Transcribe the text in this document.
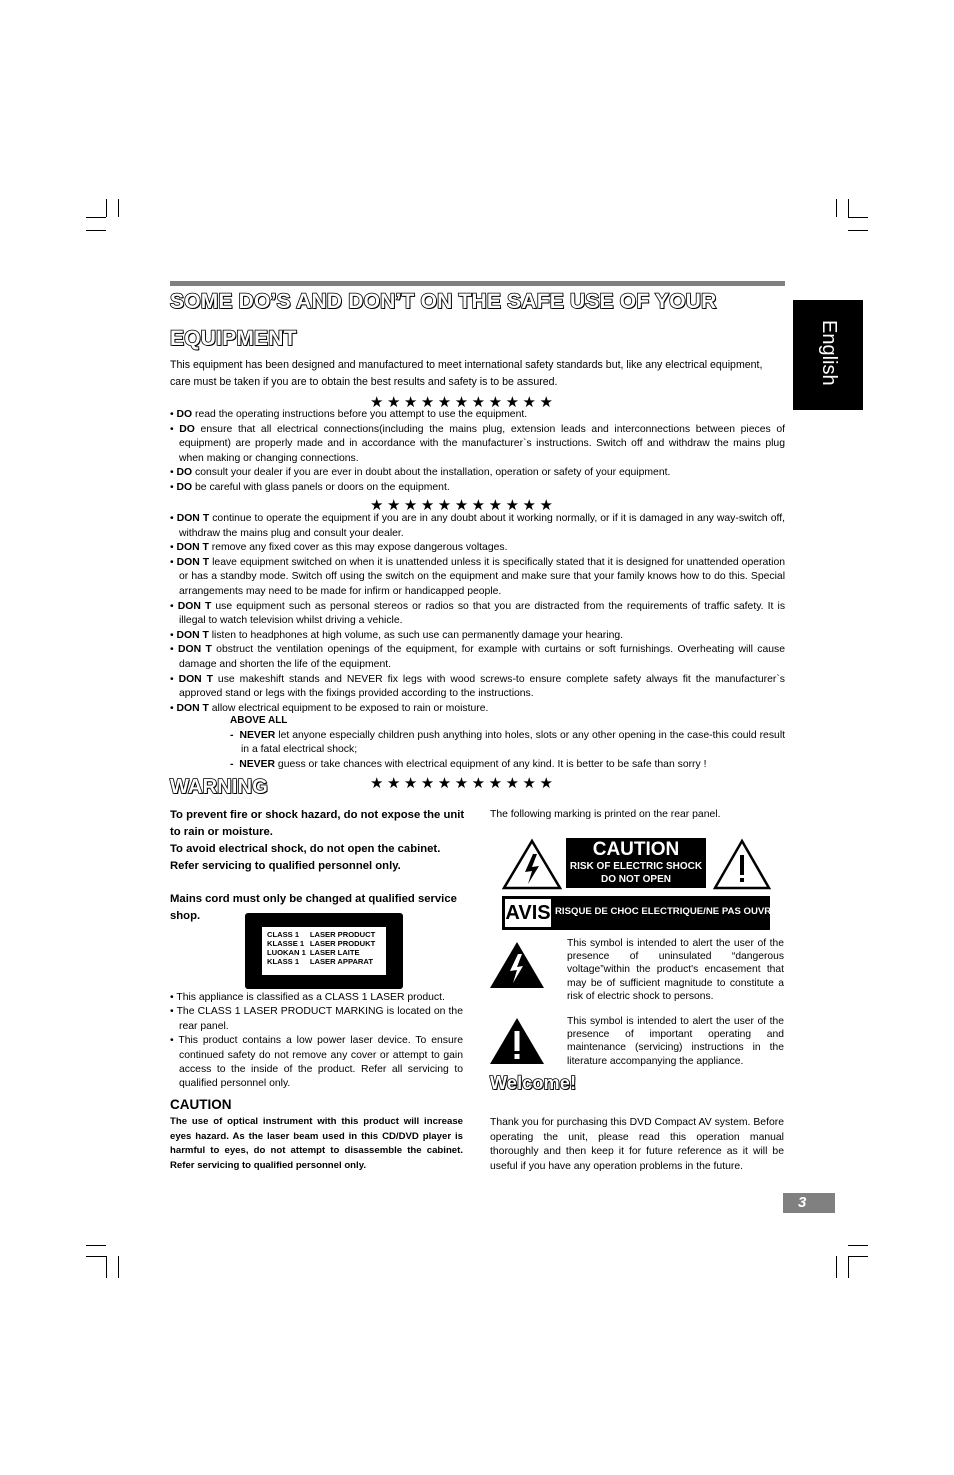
SOME DO’S AND DON’T ON THE SAFE USE OF YOUR
EQUIPMENT	English
This equipment has been designed and manufactured to meet international safety standards but, like any electrical equipment, care must be taken if you are to obtain the best results and safety is to be assured.
★★★★★★★★★★★
• DO read the operating instructions before you attempt to use the equipment.
• DO ensure that all electrical connections(including the mains plug, extension leads and interconnections between pieces of equipment) are properly made and in accordance with the manufacturer`s instructions. Switch off and withdraw the mains plug when making or changing connections.
• DO consult your dealer if you are ever in doubt about the installation, operation or safety of your equipment.
• DO be careful with glass panels or doors on the equipment.
★★★★★★★★★★★
• DON T continue to operate the equipment if you are in any doubt about it working normally, or if it is damaged in any way-switch off, withdraw the mains plug and consult your dealer.
• DON T remove any fixed cover as this may expose dangerous voltages.
• DON T leave equipment switched on when it is unattended unless it is specifically stated that it is designed for unattended operation or has a standby mode. Switch off using the switch on the equipment and make sure that your family knows how to do this. Special arrangements may need to be made for infirm or handicapped people.
• DON T use equipment such as personal stereos or radios so that you are distracted from the requirements of traffic safety. It is illegal to watch television whilst driving a vehicle.
• DON T listen to headphones at high volume, as such use can permanently damage your hearing.
• DON T obstruct the ventilation openings of the equipment, for example with curtains or soft furnishings. Overheating will cause damage and shorten the life of the equipment.
• DON T use makeshift stands and NEVER fix legs with wood screws-to ensure complete safety always fit the manufacturer`s approved stand or legs with the fixings provided according to the instructions.
• DON T allow electrical equipment to be exposed to rain or moisture.
ABOVE ALL
-  NEVER let anyone especially children push anything into holes, slots or any other opening in the case-this could result in a fatal electrical shock;
-  NEVER guess or take chances with electrical equipment of any kind. It is better to be safe than sorry !
WARNING	★★★★★★★★★★★
To prevent fire or shock hazard, do not expose the unit to rain or moisture.
To avoid electrical shock, do not open the cabinet. Refer servicing to qualified personnel only.
Mains cord must only be changed at qualified service shop.
CLASS 1	LASER PRODUCT
KLASSE 1	LASER PRODUKT
LUOKAN 1	LASER LAITE
KLASS 1	LASER APPARAT
• This appliance is classified as a CLASS 1 LASER product.
• The CLASS 1 LASER PRODUCT MARKING is located on the rear panel.
• This product contains a low power laser device. To ensure continued safety do not remove any cover or attempt to gain access to the inside of the product. Refer all servicing to qualified personnel only.
CAUTION
The use of optical instrument with this product will increase eyes hazard. As the laser beam used in this CD/DVD player is harmful to eyes, do not attempt to disassemble the cabinet. Refer servicing to qualified personnel only.
The following marking is printed on the rear panel.
CAUTION
RISK OF ELECTRIC SHOCK
DO NOT OPEN
AVIS RISQUE DE CHOC ELECTRIQUE/NE PAS OUVRIR
This symbol is intended to alert the user of the presence of uninsulated “dangerous voltage”within the product's encasement that may be of sufficient magnitude to constitute a risk of electric shock to persons.
This symbol is intended to alert the user of the presence of important operating and maintenance (servicing) instructions in the literature accompanying the appliance.
Welcome!
Thank you for purchasing this DVD Compact AV system. Before operating the unit, please read this operation manual thoroughly and then keep it for future reference as it will be useful if you have any operation problems in the future.
3
